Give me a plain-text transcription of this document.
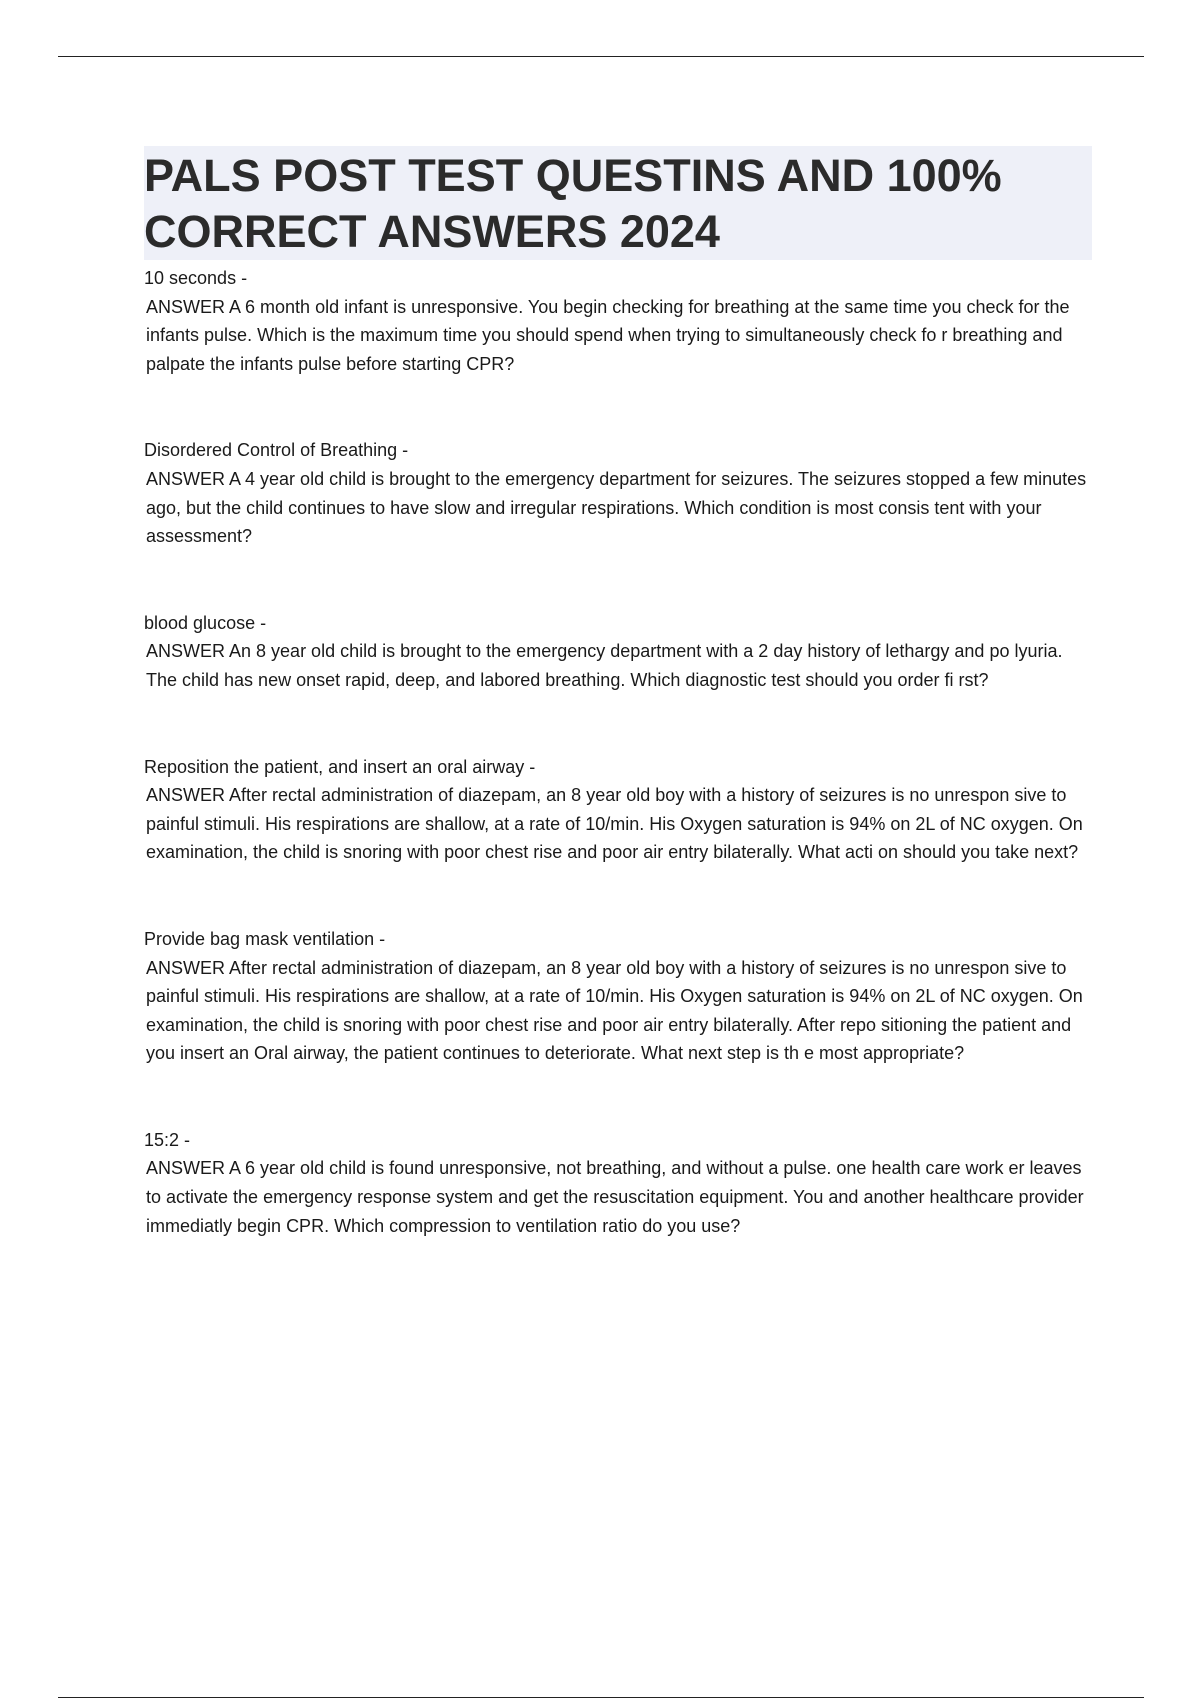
PALS POST TEST QUESTINS AND 100%
CORRECT ANSWERS 2024
10 seconds -
ANSWER A 6 month old infant is unresponsive. You begin checking for breathing at the same time you check for the infants pulse. Which is the maximum time you should spend when trying to simultaneously check fo r breathing and palpate the infants pulse before starting CPR?
Disordered Control of Breathing -
ANSWER A 4 year old child is brought to the emergency department for seizures. The seizures stopped a few minutes ago, but the child continues to have slow and irregular respirations. Which condition is most consis tent with your assessment?
blood glucose -
ANSWER An 8 year old child is brought to the emergency department with a 2 day history of lethargy and po lyuria. The child has new onset rapid, deep, and labored breathing. Which diagnostic test should you order fi rst?
Reposition the patient, and insert an oral airway -
ANSWER After rectal administration of diazepam, an 8 year old boy with a history of seizures is no unrespon sive to painful stimuli. His respirations are shallow, at a rate of 10/min. His Oxygen saturation is 94% on 2L of NC oxygen. On examination, the child is snoring with poor chest rise and poor air entry bilaterally. What acti on should you take next?
Provide bag mask ventilation -
ANSWER After rectal administration of diazepam, an 8 year old boy with a history of seizures is no unrespon sive to painful stimuli. His respirations are shallow, at a rate of 10/min. His Oxygen saturation is 94% on 2L of NC oxygen. On examination, the child is snoring with poor chest rise and poor air entry bilaterally. After repo sitioning the patient and you insert an Oral airway, the patient continues to deteriorate. What next step is th e most appropriate?
15:2 -
ANSWER A 6 year old child is found unresponsive, not breathing, and without a pulse. one health care work er leaves to activate the emergency response system and get the resuscitation equipment. You and another healthcare provider immediatly begin CPR. Which compression to ventilation ratio do you use?
